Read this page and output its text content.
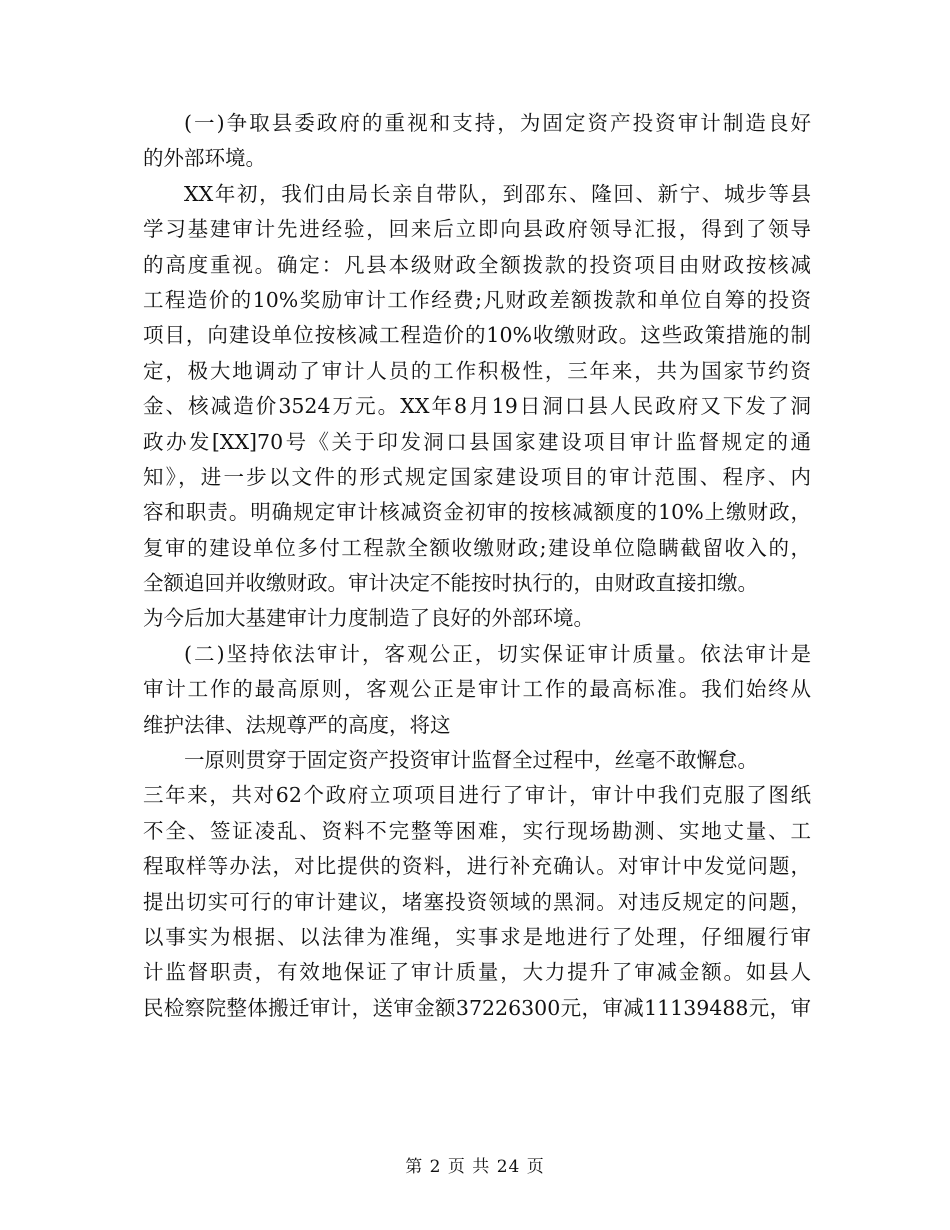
(一)争取县委政府的重视和支持，为固定资产投资审计制造良好
的外部环境。
XX年初，我们由局长亲自带队，到邵东、隆回、新宁、城步等县
学习基建审计先进经验，回来后立即向县政府领导汇报，得到了领导
的高度重视。确定：凡县本级财政全额拨款的投资项目由财政按核减
工程造价的10%奖励审计工作经费;凡财政差额拨款和单位自筹的投资
项目，向建设单位按核减工程造价的10%收缴财政。这些政策措施的制
定，极大地调动了审计人员的工作积极性，三年来，共为国家节约资
金、核减造价3524万元。XX年8月19日洞口县人民政府又下发了洞
政办发[XX]70号《关于印发洞口县国家建设项目审计监督规定的通
知》，进一步以文件的形式规定国家建设项目的审计范围、程序、内
容和职责。明确规定审计核减资金初审的按核减额度的10%上缴财政，
复审的建设单位多付工程款全额收缴财政;建设单位隐瞒截留收入的，
全额追回并收缴财政。审计决定不能按时执行的，由财政直接扣缴。
为今后加大基建审计力度制造了良好的外部环境。
(二)坚持依法审计，客观公正，切实保证审计质量。依法审计是
审计工作的最高原则，客观公正是审计工作的最高标准。我们始终从
维护法律、法规尊严的高度，将这
一原则贯穿于固定资产投资审计监督全过程中，丝毫不敢懈怠。
三年来，共对62个政府立项项目进行了审计，审计中我们克服了图纸
不全、签证凌乱、资料不完整等困难，实行现场勘测、实地丈量、工
程取样等办法，对比提供的资料，进行补充确认。对审计中发觉问题，
提出切实可行的审计建议，堵塞投资领域的黑洞。对违反规定的问题，
以事实为根据、以法律为准绳，实事求是地进行了处理，仔细履行审
计监督职责，有效地保证了审计质量，大力提升了审减金额。如县人
民检察院整体搬迁审计，送审金额37226300元，审减11139488元，审
第 2 页 共 24 页
